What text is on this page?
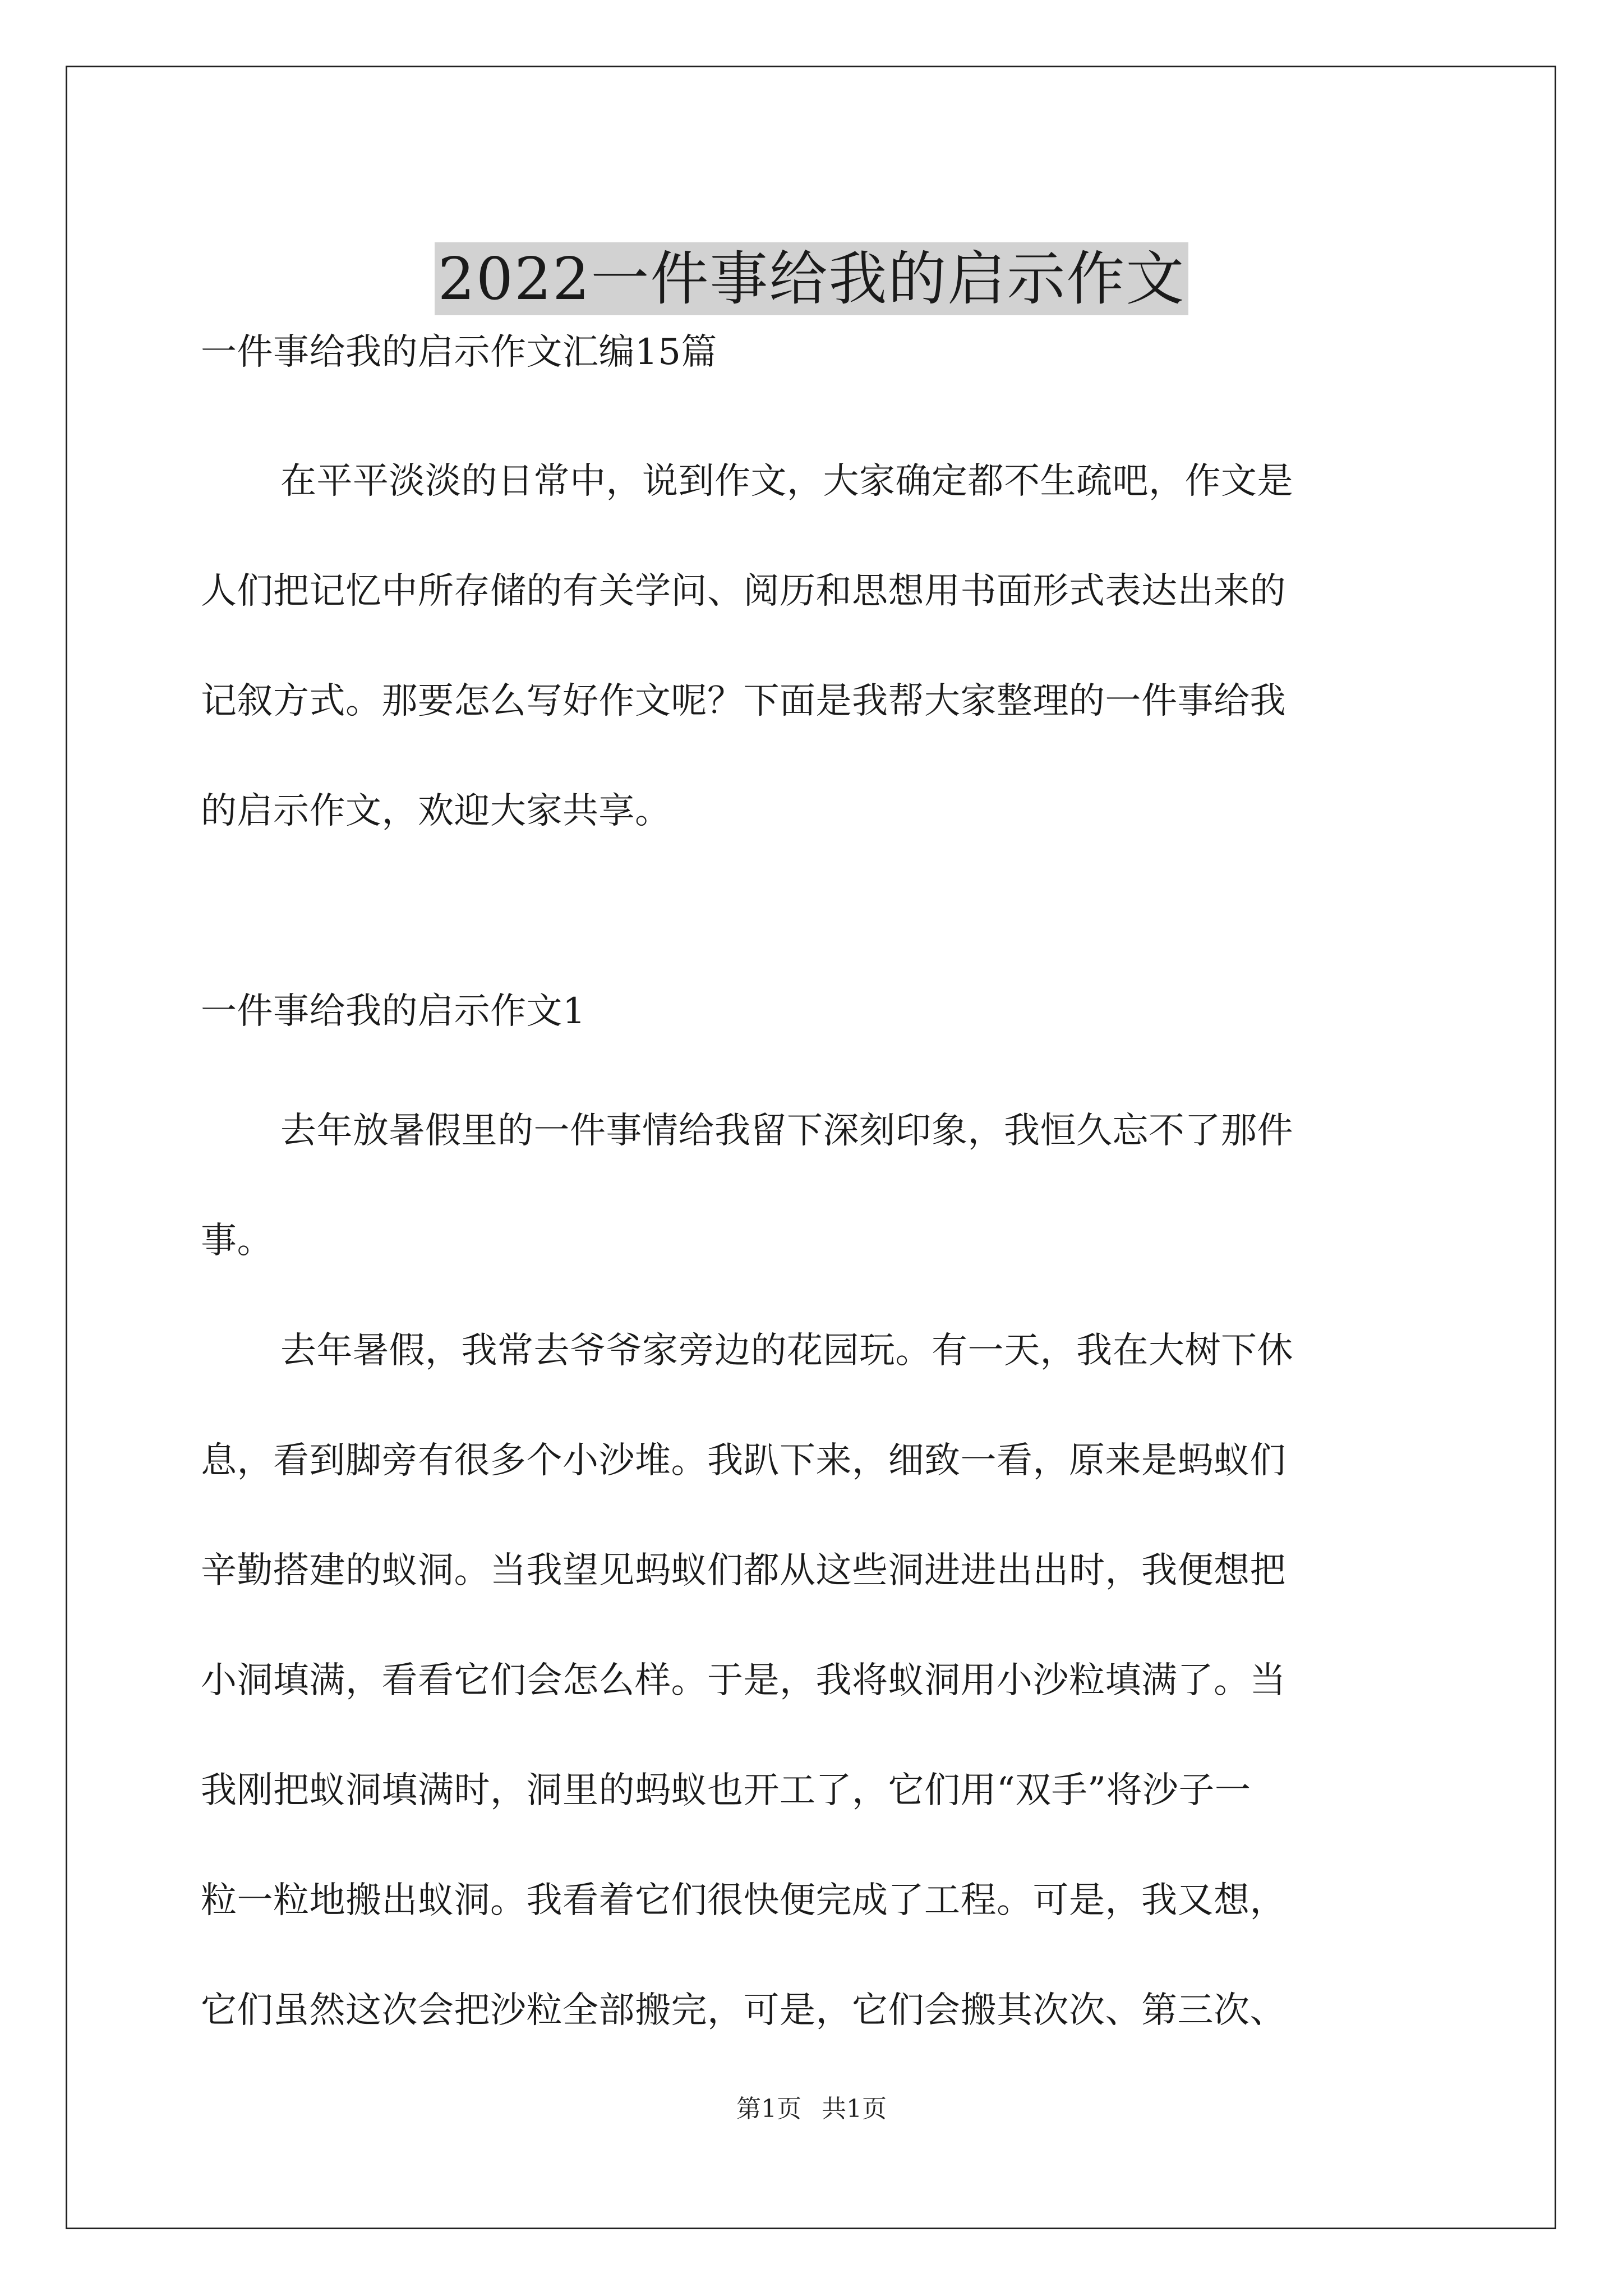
2022一件事给我的启示作文
一件事给我的启示作文汇编15篇
在平平淡淡的日常中，说到作文，大家确定都不生疏吧，作文是
人们把记忆中所存储的有关学问、阅历和思想用书面形式表达出来的
记叙方式。那要怎么写好作文呢？下面是我帮大家整理的一件事给我
的启示作文，欢迎大家共享。
一件事给我的启示作文1
去年放暑假里的一件事情给我留下深刻印象，我恒久忘不了那件
事。
去年暑假，我常去爷爷家旁边的花园玩。有一天，我在大树下休
息，看到脚旁有很多个小沙堆。我趴下来，细致一看，原来是蚂蚁们
辛勤搭建的蚁洞。当我望见蚂蚁们都从这些洞进进出出时，我便想把
小洞填满，看看它们会怎么样。于是，我将蚁洞用小沙粒填满了。当
我刚把蚁洞填满时，洞里的蚂蚁也开工了，它们用“双手”将沙子一
粒一粒地搬出蚁洞。我看着它们很快便完成了工程。可是，我又想，
它们虽然这次会把沙粒全部搬完，可是，它们会搬其次次、第三次、
第1页 共1页
